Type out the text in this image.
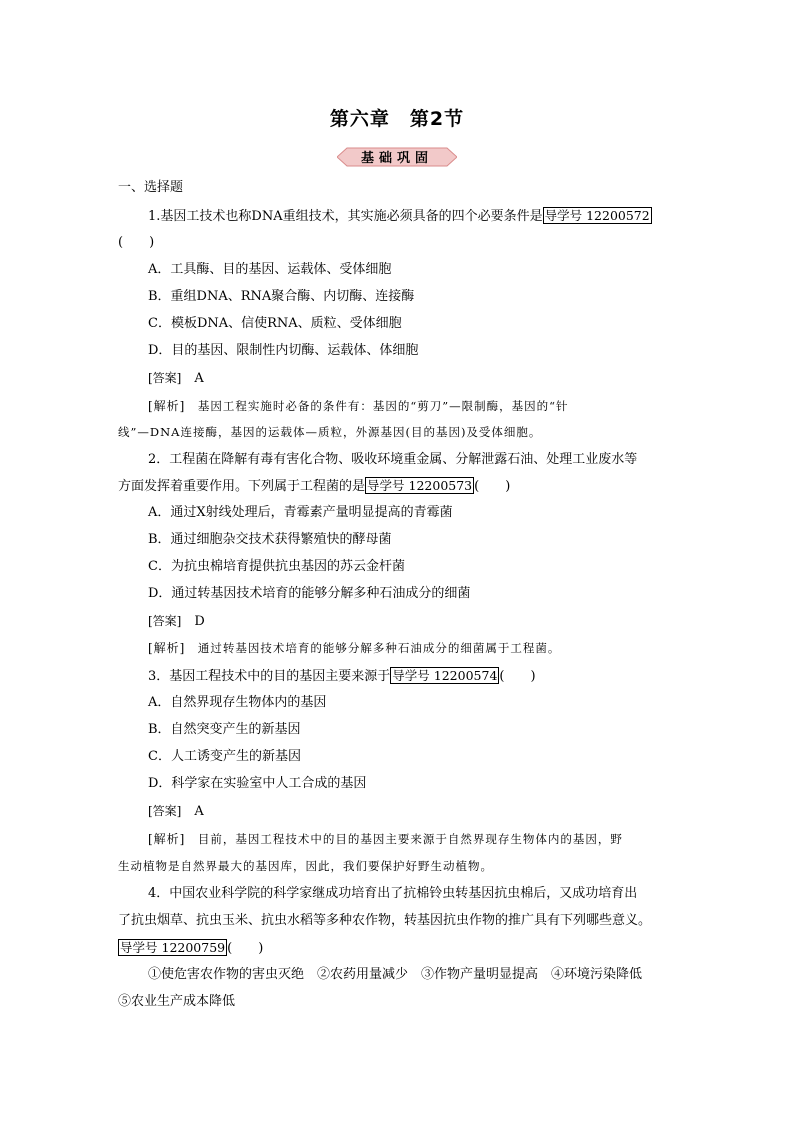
第六章　第2节
基础巩固
一、选择题
1.基因工技术也称DNA重组技术，其实施必须具备的四个必要条件是 导学号 12200572
(　　)
A．工具酶、目的基因、运载体、受体细胞
B．重组DNA、RNA聚合酶、内切酶、连接酶
C．模板DNA、信使RNA、质粒、受体细胞
D．目的基因、限制性内切酶、运载体、体细胞
[答案]　 A
[解析]　 基因工程实施时必备的条件有：基因的“剪刀”—限制酶，基因的“针
线”—DNA连接酶，基因的运载体—质粒，外源基因(目的基因)及受体细胞。
2．工程菌在降解有毒有害化合物、吸收环境重金属、分解泄露石油、处理工业废水等
方面发挥着重要作用。下列属于工程菌的是 导学号 12200573 (　　)
A．通过X射线处理后，青霉素产量明显提高的青霉菌
B．通过细胞杂交技术获得繁殖快的酵母菌
C．为抗虫棉培育提供抗虫基因的苏云金杆菌
D．通过转基因技术培育的能够分解多种石油成分的细菌
[答案]　 D
[解析]　 通过转基因技术培育的能够分解多种石油成分的细菌属于工程菌。
3．基因工程技术中的目的基因主要来源于 导学号 12200574 (　　)
A．自然界现存生物体内的基因
B．自然突变产生的新基因
C．人工诱变产生的新基因
D．科学家在实验室中人工合成的基因
[答案]　 A
[解析]　 目前，基因工程技术中的目的基因主要来源于自然界现存生物体内的基因，野
生动植物是自然界最大的基因库，因此，我们要保护好野生动植物。
4．中国农业科学院的科学家继成功培育出了抗棉铃虫转基因抗虫棉后，又成功培育出
了抗虫烟草、抗虫玉米、抗虫水稻等多种农作物，转基因抗虫作物的推广具有下列哪些意义。
导学号 12200759 (　　)
①使危害农作物的害虫灭绝　②农药用量减少　③作物产量明显提高　④环境污染降低
⑤农业生产成本降低
